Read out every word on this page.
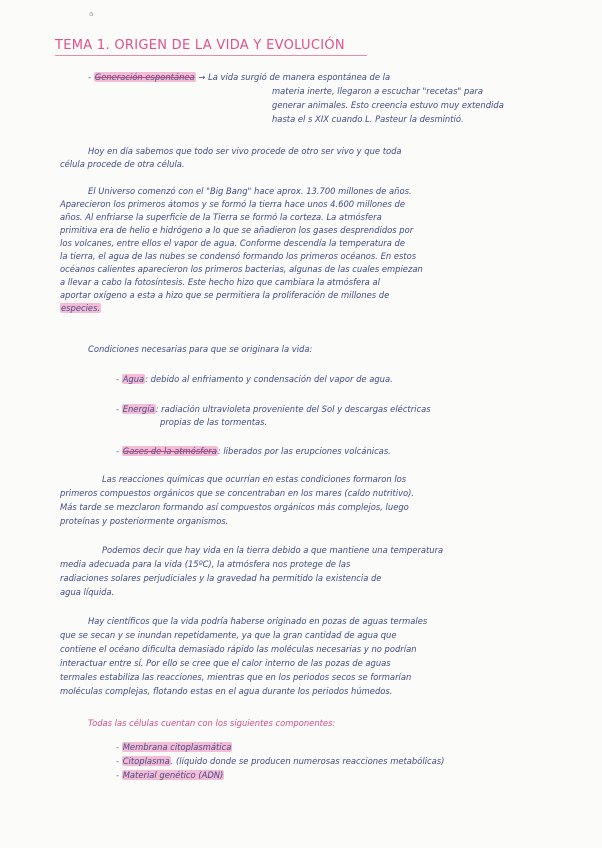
a
TEMA 1. ORIGEN DE LA VIDA Y EVOLUCIÓN
- Generación espontánea → La vida surgió de manera espontánea de la
materia inerte, llegaron a escuchar "recetas" para
generar animales. Esto creencia estuvo muy extendida
hasta el s XIX cuando L. Pasteur la desmintió.
Hoy en día sabemos que todo ser vivo procede de otro ser vivo y que toda
célula procede de otra célula.
El Universo comenzó con el "Big Bang" hace aprox. 13.700 millones de años.
Aparecieron los primeros átomos y se formó la tierra hace unos 4.600 millones de
años. Al enfriarse la superficie de la Tierra se formó la corteza. La atmósfera
primitiva era de helio e hidrógeno a lo que se añadieron los gases desprendidos por
los volcanes, entre ellos el vapor de agua. Conforme descendía la temperatura de
la tierra, el agua de las nubes se condensó formando los primeros océanos. En estos
océanos calientes aparecieron los primeros bacterias, algunas de las cuales empiezan
a llevar a cabo la fotosíntesis. Este hecho hizo que cambiara la atmósfera al
aportar oxígeno a esta a hizo que se permitiera la proliferación de millones de
especies.
Condiciones necesarias para que se originara la vida:
- Agua: debido al enfriamento y condensación del vapor de agua.
- Energía: radiación ultravioleta proveniente del Sol y descargas eléctricas
propias de las tormentas.
- Gases de la atmósfera: liberados por las erupciones volcánicas.
Las reacciones químicas que ocurrían en estas condiciones formaron los
primeros compuestos orgánicos que se concentraban en los mares (caldo nutritivo).
Más tarde se mezclaron formando así compuestos orgánicos más complejos, luego
proteínas y posteriormente organismos.
Podemos decir que hay vida en la tierra debido a que mantiene una temperatura
media adecuada para la vida (15ºC), la atmósfera nos protege de las
radiaciones solares perjudiciales y la gravedad ha permitido la existencia de
agua líquida.
Hay científicos que la vida podría haberse originado en pozas de aguas termales
que se secan y se inundan repetidamente, ya que la gran cantidad de agua que
contiene el océano dificulta demasiado rápido las moléculas necesarias y no podrían
interactuar entre sí. Por ello se cree que el calor interno de las pozas de aguas
termales estabiliza las reacciones, mientras que en los periodos secos se formarían
moléculas complejas, flotando estas en el agua durante los periodos húmedos.
Todas las células cuentan con los siguientes componentes:
- Membrana citoplasmática
- Citoplasma. (líquido donde se producen numerosas reacciones metabólicas)
- Material genético (ADN)
